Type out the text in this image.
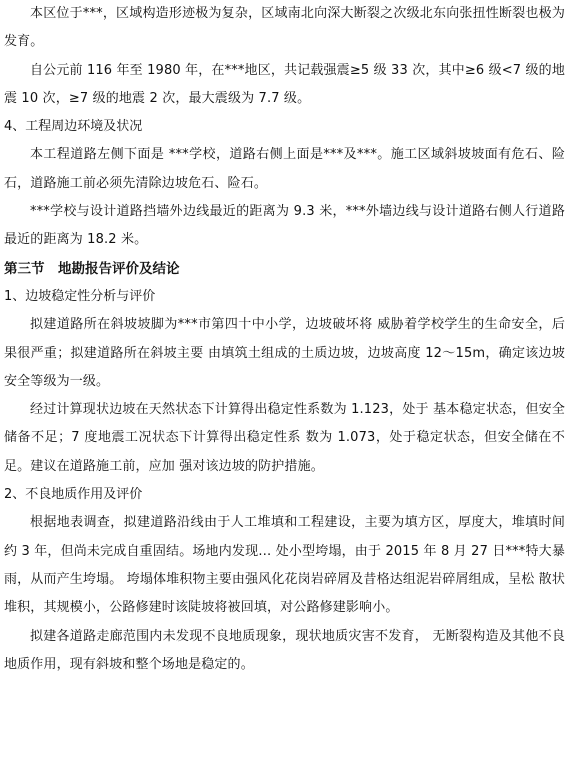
本区位于***，区域构造形迹极为复杂，区域南北向深大断裂之次级北东向张扭性断裂也极为发育。

自公元前 116 年至 1980 年，在***地区，共记载强震≥5 级 33 次，其中≥6 级<7 级的地震 10 次，≥7 级的地震 2 次，最大震级为 7.7 级。

4、工程周边环境及状况

本工程道路左侧下面是 ***学校，道路右侧上面是***及***。施工区域斜坡坡面有危石、险石，道路施工前必须先清除边坡危石、险石。

***学校与设计道路挡墙外边线最近的距离为 9.3 米，***外墙边线与设计道路右侧人行道路最近的距离为 18.2 米。

第三节　地勘报告评价及结论

1、边坡稳定性分析与评价

拟建道路所在斜坡坡脚为***市第四十中小学，边坡破坏将 威胁着学校学生的生命安全，后果很严重；拟建道路所在斜坡主要 由填筑土组成的土质边坡，边坡高度 12～15m，确定该边坡安全等级为一级。

经过计算现状边坡在天然状态下计算得出稳定性系数为 1.123，处于 基本稳定状态，但安全储备不足；7 度地震工况状态下计算得出稳定性系 数为 1.073，处于稳定状态，但安全储在不足。建议在道路施工前，应加 强对该边坡的防护措施。

2、不良地质作用及评价

根据地表调查，拟建道路沿线由于人工堆填和工程建设，主要为填方区，厚度大，堆填时间约 3 年，但尚未完成自重固结。场地内发现… 处小型垮塌，由于 2015 年 8 月 27 日***特大暴雨，从而产生垮塌。 垮塌体堆积物主要由强风化花岗岩碎屑及昔格达组泥岩碎屑组成，呈松 散状堆积，其规模小，公路修建时该陡坡将被回填，对公路修建影响小。

拟建各道路走廊范围内未发现不良地质现象，现状地质灾害不发育， 无断裂构造及其他不良地质作用，现有斜坡和整个场地是稳定的。
